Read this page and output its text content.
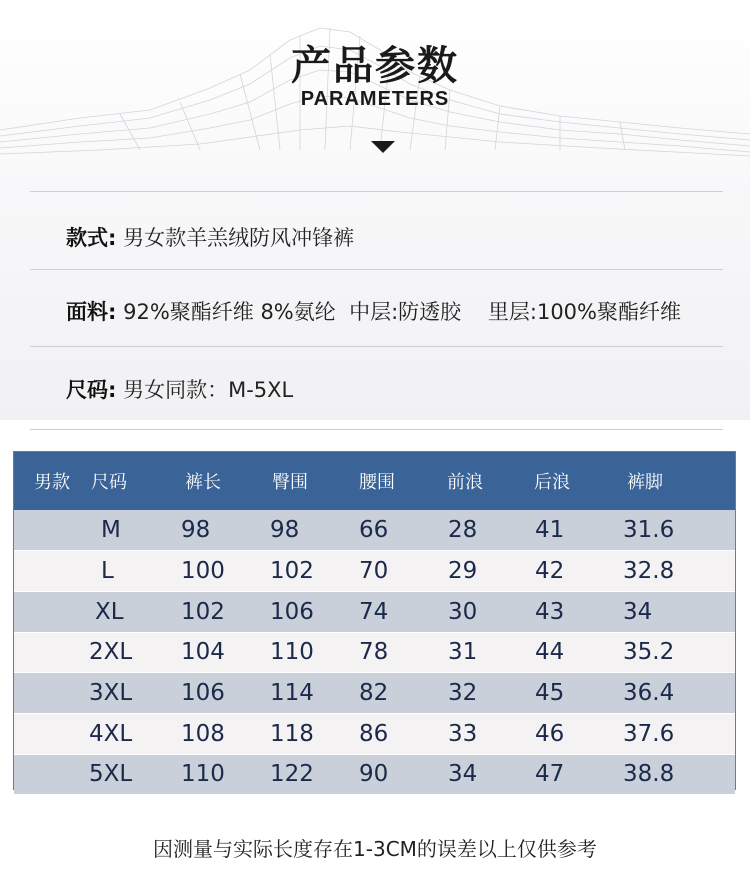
产品参数
PARAMETERS
款式: 男女款羊羔绒防风冲锋裤
面料: 92%聚酯纤维 8%氨纶  中层:防透胶    里层:100%聚酯纤维
尺码: 男女同款：M-5XL
男款	尺码	裤长	臀围	腰围	前浪	后浪	裤脚
	M	98	98	66	28	41	31.6
	L	100	102	70	29	42	32.8
	XL	102	106	74	30	43	34
	2XL	104	110	78	31	44	35.2
	3XL	106	114	82	32	45	36.4
	4XL	108	118	86	33	46	37.6
	5XL	110	122	90	34	47	38.8
因测量与实际长度存在1-3CM的误差以上仅供参考
